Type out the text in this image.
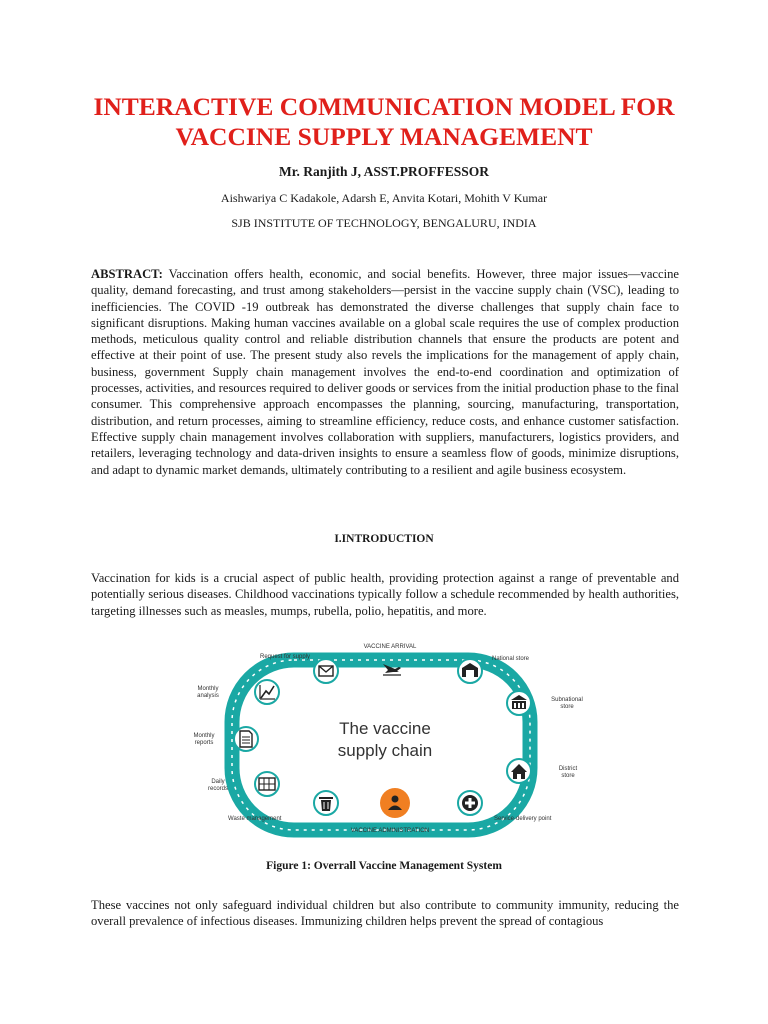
INTERACTIVE COMMUNICATION MODEL FOR
VACCINE SUPPLY MANAGEMENT
Mr. Ranjith J, ASST.PROFFESSOR
Aishwariya C Kadakole, Adarsh E, Anvita Kotari, Mohith V Kumar
SJB INSTITUTE OF TECHNOLOGY, BENGALURU, INDIA

ABSTRACT: Vaccination offers health, economic, and social benefits. However, three major issues—vaccine quality, demand forecasting, and trust among stakeholders—persist in the vaccine supply chain (VSC), leading to inefficiencies. The COVID -19 outbreak has demonstrated the diverse challenges that supply chain face to significant disruptions. Making human vaccines available on a global scale requires the use of complex production methods, meticulous quality control and reliable distribution channels that ensure the products are potent and effective at their point of use. The present study also revels the implications for the management of apply chain, business, government Supply chain management involves the end-to-end coordination and optimization of processes, activities, and resources required to deliver goods or services from the initial production phase to the final consumer. This comprehensive approach encompasses the planning, sourcing, manufacturing, transportation, distribution, and return processes, aiming to streamline efficiency, reduce costs, and enhance customer satisfaction. Effective supply chain management involves collaboration with suppliers, manufacturers, logistics providers, and retailers, leveraging technology and data-driven insights to ensure a seamless flow of goods, minimize disruptions, and adapt to dynamic market demands, ultimately contributing to a resilient and agile business ecosystem.

I.INTRODUCTION

Vaccination for kids is a crucial aspect of public health, providing protection against a range of preventable and potentially serious diseases. Childhood vaccinations typically follow a schedule recommended by health authorities, targeting illnesses such as measles, mumps, rubella, polio, hepatitis, and more.

The vaccine
supply chain
VACCINE ARRIVAL
VACCINE ADMINISTRATION
Request for supply	National store
Monthly
analysis
Subnational
store
Monthly
reports
District
store
Daily
records
Waste management	Service-delivery point
Figure 1: Overrall Vaccine Management System

These vaccines not only safeguard individual children but also contribute to community immunity, reducing the overall prevalence of infectious diseases. Immunizing children helps prevent the spread of contagious
